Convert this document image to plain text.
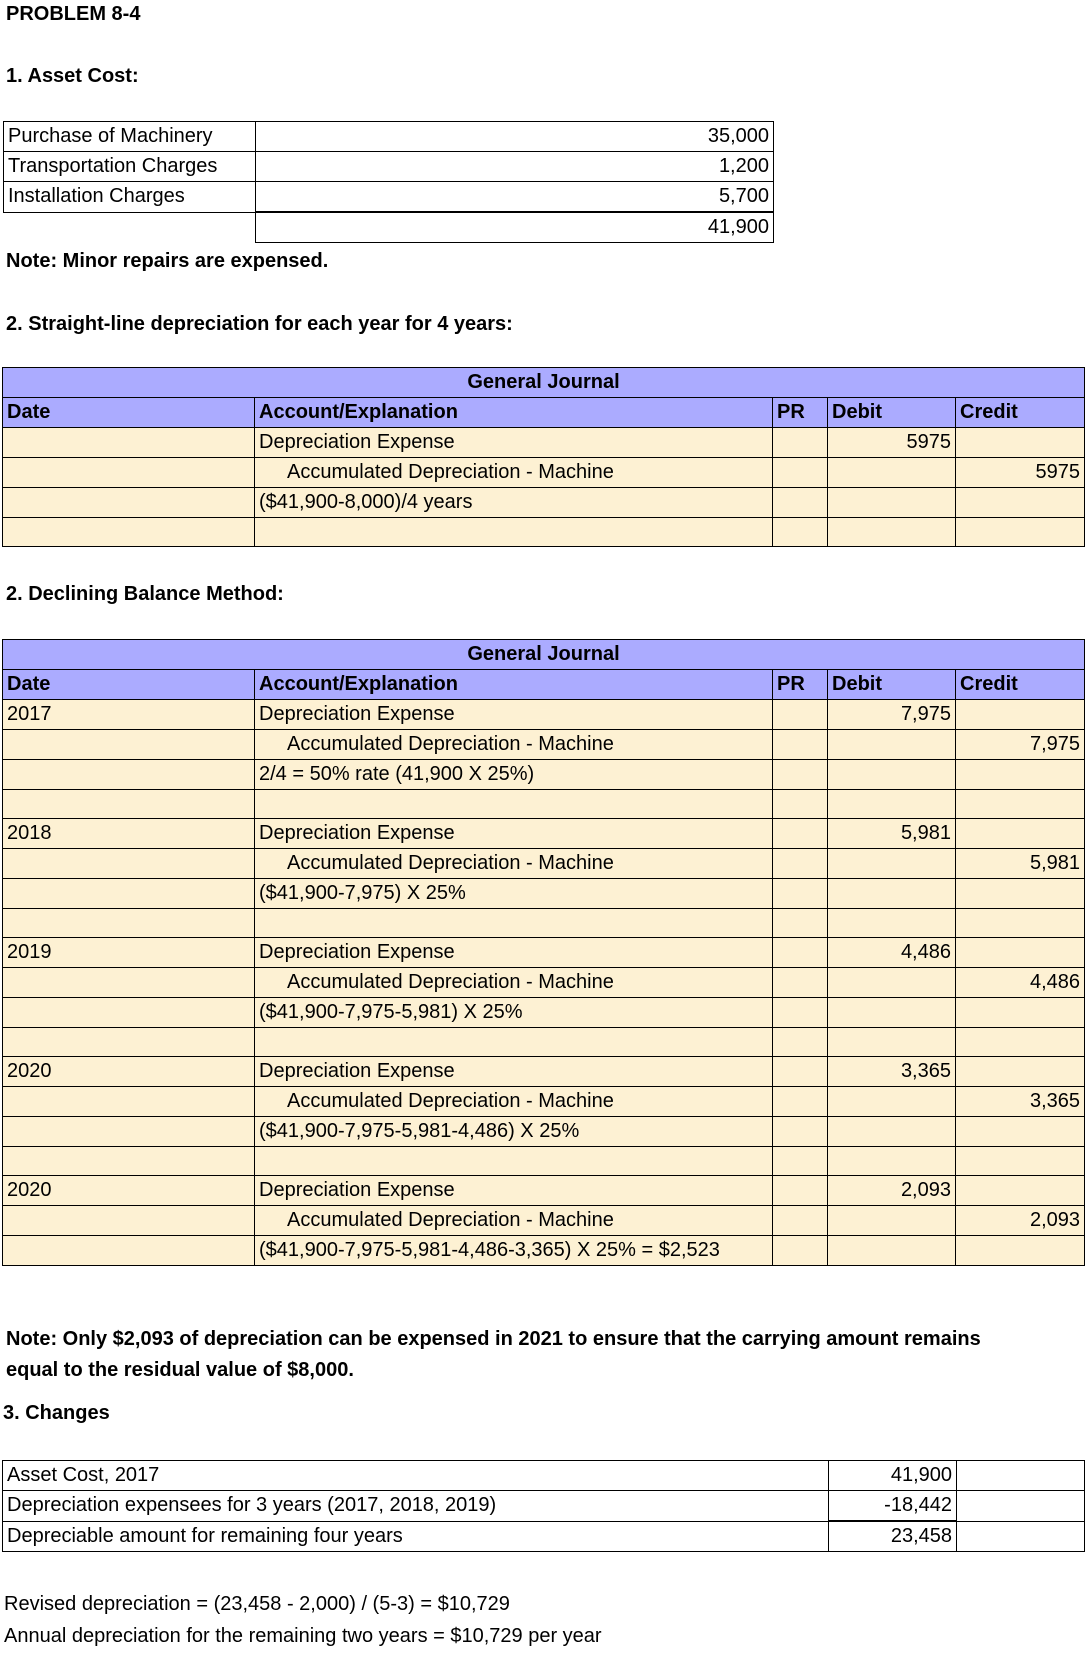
PROBLEM 8-4
1. Asset Cost:
Purchase of Machinery	35,000
Transportation Charges	1,200
Installation Charges	5,700
	41,900
Note: Minor repairs are expensed.
2. Straight-line depreciation for each year for 4 years:
General Journal				
Date	Account/Explanation	PR	Debit	Credit
	Depreciation Expense		5975	
	Accumulated Depreciation - Machine			5975
	($41,900-8,000)/4 years			

2. Declining Balance Method:
General Journal				
Date	Account/Explanation	PR	Debit	Credit
2017	Depreciation Expense		7,975	
	Accumulated Depreciation - Machine			7,975
	2/4 = 50% rate (41,900 X 25%)			

2018	Depreciation Expense		5,981	
	Accumulated Depreciation - Machine			5,981
	($41,900-7,975) X 25%			

2019	Depreciation Expense		4,486	
	Accumulated Depreciation - Machine			4,486
	($41,900-7,975-5,981) X 25%			

2020	Depreciation Expense		3,365	
	Accumulated Depreciation - Machine			3,365
	($41,900-7,975-5,981-4,486) X 25%			

2020	Depreciation Expense		2,093	
	Accumulated Depreciation - Machine			2,093
	($41,900-7,975-5,981-4,486-3,365) X 25% = $2,523			
Note: Only $2,093 of depreciation can be expensed in 2021 to ensure that the carrying amount remains
equal to the residual value of $8,000.
3. Changes
Asset Cost, 2017	41,900	
Depreciation expensees for 3 years (2017, 2018, 2019)	-18,442	
Depreciable amount for remaining four years	23,458	
Revised depreciation = (23,458 - 2,000) / (5-3) = $10,729
Annual depreciation for the remaining two years = $10,729 per year
